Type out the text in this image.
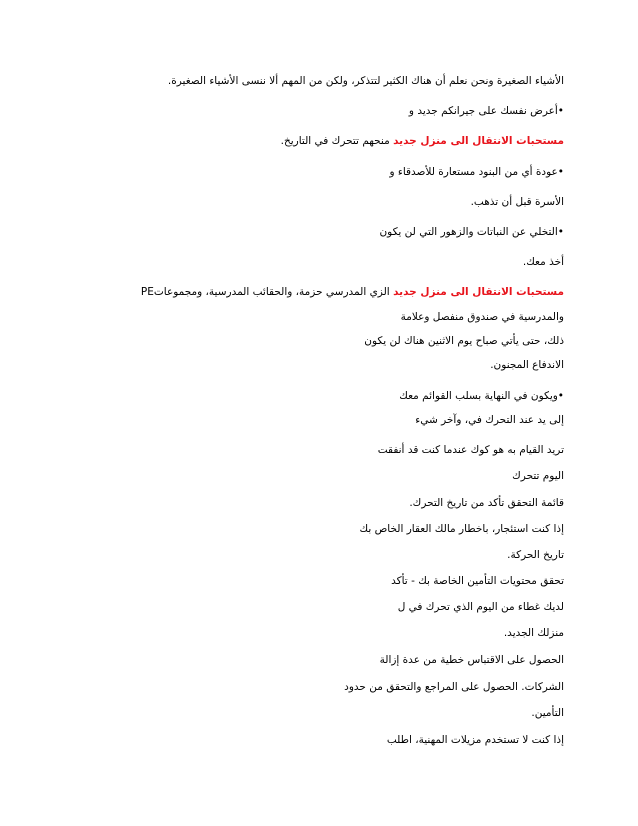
الأشياء الصغيرة ونحن نعلم أن هناك الكثير لتتذكر، ولكن من المهم ألا ننسى الأشياء الصغيرة.
•أعرض نفسك على جيرانكم جديد و
مستحبات الانتقال الى منزل جديد منحهم تتحرك في التاريخ.
•عودة أي من البنود مستعارة للأصدقاء و
الأسرة قبل أن تذهب.
•التخلي عن النباتات والزهور التي لن يكون
أخذ معك.
مستحبات الانتقال الى منزل جديد الزي المدرسي حزمة، والحقائب المدرسية، ومجموعاتPE
والمدرسية في صندوق منفصل وعلامة
ذلك، حتى يأتي صباح يوم الاثنين هناك لن يكون
الاندفاع المجنون.
•ويكون في النهاية بسلب القوائم معك
إلى يد عند التحرك في، وآخر شيء
تريد القيام به هو كوك عندما كنت قد أنفقت
اليوم تتحرك
قائمة التحقق تأكد من تاريخ التحرك.
إذا كنت استئجار، باخطار مالك العقار الخاص بك
تاريخ الحركة.
تحقق محتويات التأمين الخاصة بك - تأكد
لديك غطاء من اليوم الذي تحرك في ل
منزلك الجديد.
الحصول على الاقتباس خطية من عدة إزالة
الشركات. الحصول على المراجع والتحقق من حدود
التأمين.
إذا كنت لا تستخدم مزيلات المهنية، اطلب
